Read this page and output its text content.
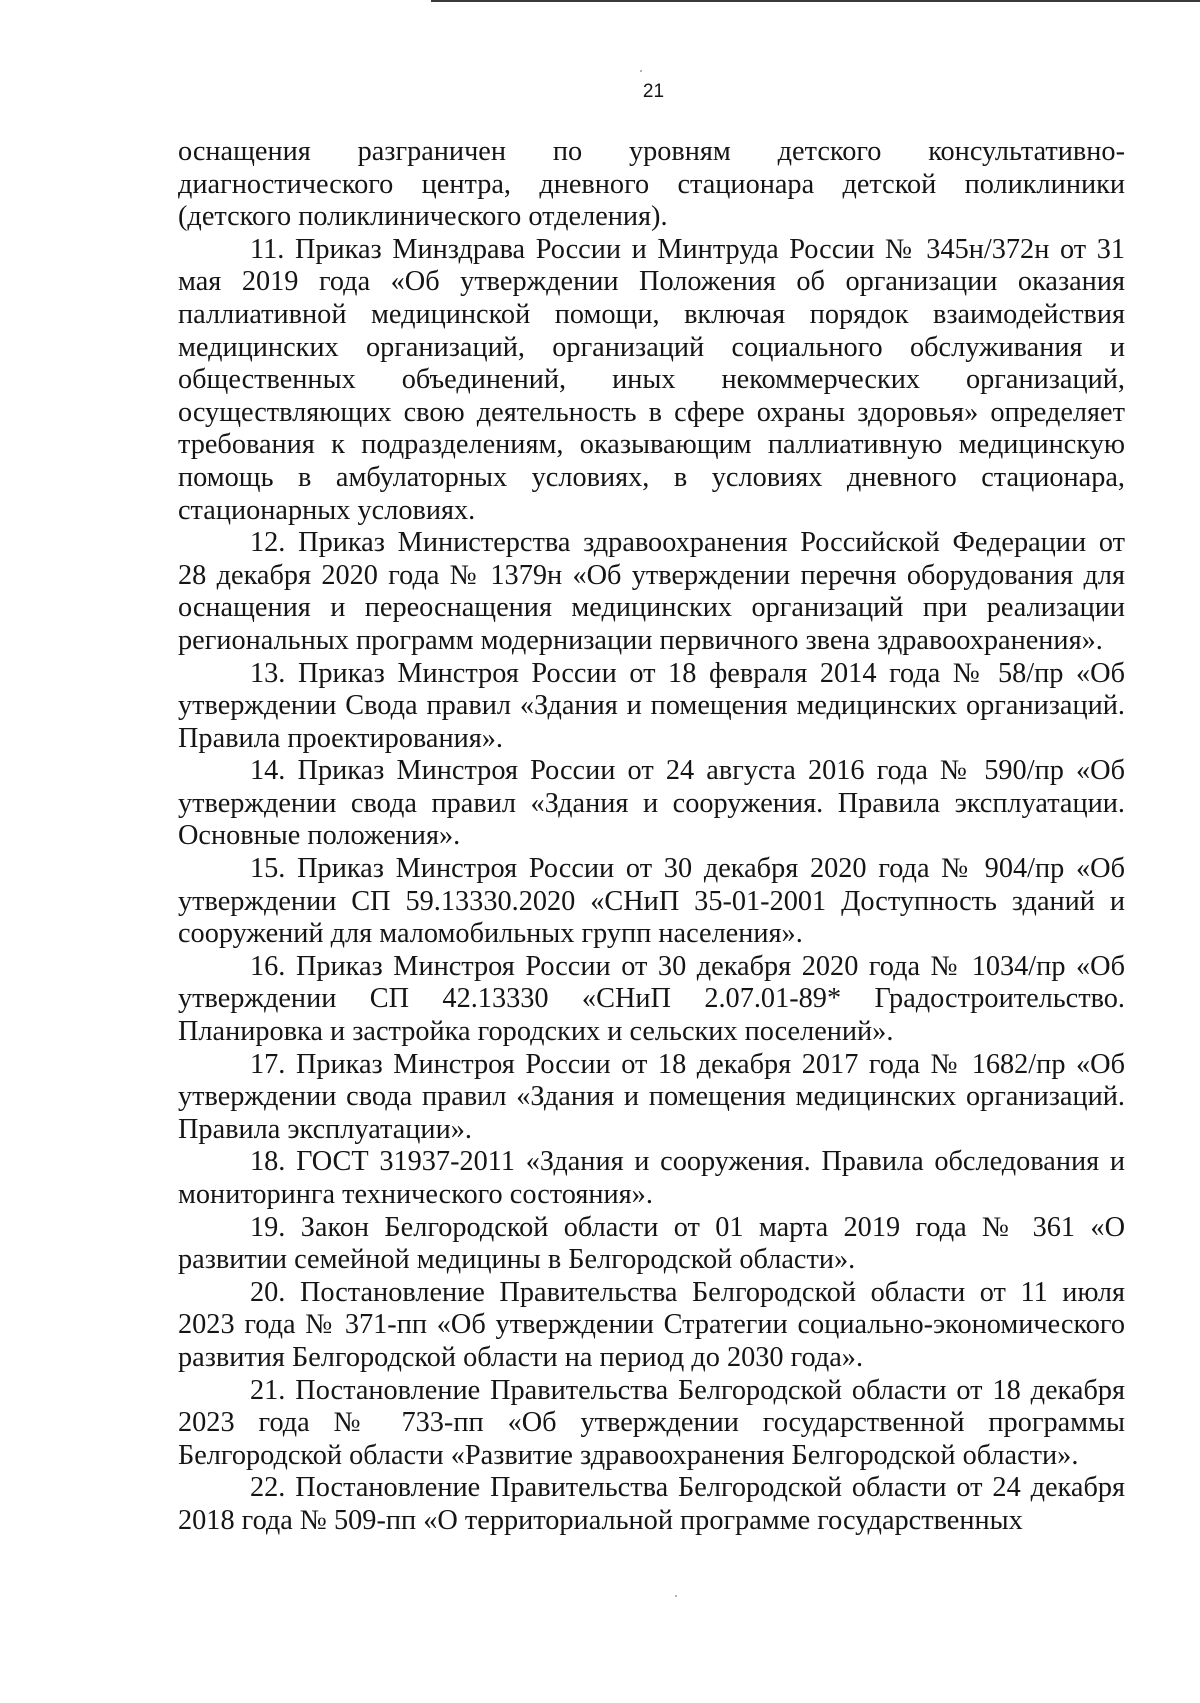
21

оснащения разграничен по уровням детского консультативно-диагностического центра, дневного стационара детской поликлиники (детского поликлинического отделения).

11. Приказ Минздрава России и Минтруда России № 345н/372н от 31 мая 2019 года «Об утверждении Положения об организации оказания паллиативной медицинской помощи, включая порядок взаимодействия медицинских организаций, организаций социального обслуживания и общественных объединений, иных некоммерческих организаций, осуществляющих свою деятельность в сфере охраны здоровья» определяет требования к подразделениям, оказывающим паллиативную медицинскую помощь в амбулаторных условиях, в условиях дневного стационара, стационарных условиях.

12. Приказ Министерства здравоохранения Российской Федерации от 28 декабря 2020 года № 1379н «Об утверждении перечня оборудования для оснащения и переоснащения медицинских организаций при реализации региональных программ модернизации первичного звена здравоохранения».

13. Приказ Минстроя России от 18 февраля 2014 года № 58/пр «Об утверждении Свода правил «Здания и помещения медицинских организаций. Правила проектирования».

14. Приказ Минстроя России от 24 августа 2016 года № 590/пр «Об утверждении свода правил «Здания и сооружения. Правила эксплуатации. Основные положения».

15. Приказ Минстроя России от 30 декабря 2020 года № 904/пр «Об утверждении СП 59.13330.2020 «СНиП 35-01-2001 Доступность зданий и сооружений для маломобильных групп населения».

16. Приказ Минстроя России от 30 декабря 2020 года № 1034/пр «Об утверждении СП 42.13330 «СНиП 2.07.01-89* Градостроительство. Планировка и застройка городских и сельских поселений».

17. Приказ Минстроя России от 18 декабря 2017 года № 1682/пр «Об утверждении свода правил «Здания и помещения медицинских организаций. Правила эксплуатации».

18. ГОСТ 31937-2011 «Здания и сооружения. Правила обследования и мониторинга технического состояния».

19. Закон Белгородской области от 01 марта 2019 года № 361 «О развитии семейной медицины в Белгородской области».

20. Постановление Правительства Белгородской области от 11 июля 2023 года № 371-пп «Об утверждении Стратегии социально-экономического развития Белгородской области на период до 2030 года».

21. Постановление Правительства Белгородской области от 18 декабря 2023 года № 733-пп «Об утверждении государственной программы Белгородской области «Развитие здравоохранения Белгородской области».

22. Постановление Правительства Белгородской области от 24 декабря 2018 года № 509-пп «О территориальной программе государственных
